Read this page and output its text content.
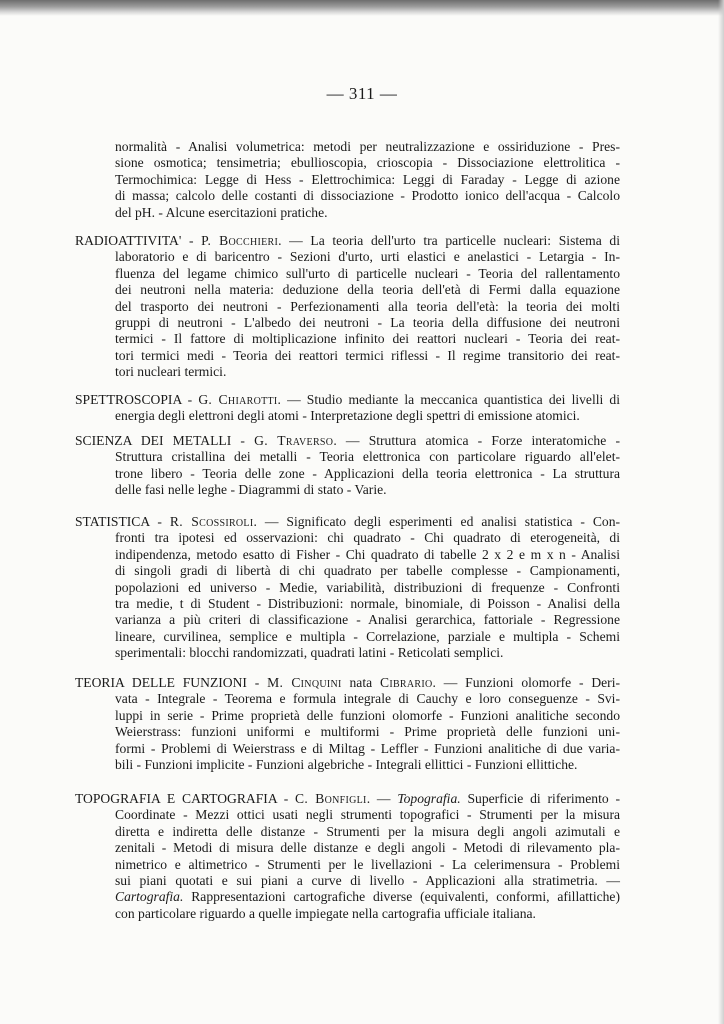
— 311 —
normalità - Analisi volumetrica: metodi per neutralizzazione e ossiriduzione - Pres-
sione osmotica; tensimetria; ebullioscopia, crioscopia - Dissociazione elettrolitica -
Termochimica: Legge di Hess - Elettrochimica: Leggi di Faraday - Legge di azione
di massa; calcolo delle costanti di dissociazione - Prodotto ionico dell'acqua - Calcolo
del pH. - Alcune esercitazioni pratiche.
RADIOATTIVITA' - P. Bocchieri. — La teoria dell'urto tra particelle nucleari: Sistema di
laboratorio e di baricentro - Sezioni d'urto, urti elastici e anelastici - Letargia - In-
fluenza del legame chimico sull'urto di particelle nucleari - Teoria del rallentamento
dei neutroni nella materia: deduzione della teoria dell'età di Fermi dalla equazione
del trasporto dei neutroni - Perfezionamenti alla teoria dell'età: la teoria dei molti
gruppi di neutroni - L'albedo dei neutroni - La teoria della diffusione dei neutroni
termici - Il fattore di moltiplicazione infinito dei reattori nucleari - Teoria dei reat-
tori termici medi - Teoria dei reattori termici riflessi - Il regime transitorio dei reat-
tori nucleari termici.
SPETTROSCOPIA - G. Chiarotti. — Studio mediante la meccanica quantistica dei livelli di
energia degli elettroni degli atomi - Interpretazione degli spettri di emissione atomici.
SCIENZA DEI METALLI - G. Traverso. — Struttura atomica - Forze interatomiche -
Struttura cristallina dei metalli - Teoria elettronica con particolare riguardo all'elet-
trone libero - Teoria delle zone - Applicazioni della teoria elettronica - La struttura
delle fasi nelle leghe - Diagrammi di stato - Varie.
STATISTICA - R. Scossiroli. — Significato degli esperimenti ed analisi statistica - Con-
fronti tra ipotesi ed osservazioni: chi quadrato - Chi quadrato di eterogeneità, di
indipendenza, metodo esatto di Fisher - Chi quadrato di tabelle 2 x 2 e m x n - Analisi
di singoli gradi di libertà di chi quadrato per tabelle complesse - Campionamenti,
popolazioni ed universo - Medie, variabilità, distribuzioni di frequenze - Confronti
tra medie, t di Student - Distribuzioni: normale, binomiale, di Poisson - Analisi della
varianza a più criteri di classificazione - Analisi gerarchica, fattoriale - Regressione
lineare, curvilinea, semplice e multipla - Correlazione, parziale e multipla - Schemi
sperimentali: blocchi randomizzati, quadrati latini - Reticolati semplici.
TEORIA DELLE FUNZIONI - M. Cinquini nata Cibrario. — Funzioni olomorfe - Deri-
vata - Integrale - Teorema e formula integrale di Cauchy e loro conseguenze - Svi-
luppi in serie - Prime proprietà delle funzioni olomorfe - Funzioni analitiche secondo
Weierstrass: funzioni uniformi e multiformi - Prime proprietà delle funzioni uni-
formi - Problemi di Weierstrass e di Miltag - Leffler - Funzioni analitiche di due varia-
bili - Funzioni implicite - Funzioni algebriche - Integrali ellittici - Funzioni ellittiche.
TOPOGRAFIA E CARTOGRAFIA - C. Bonfigli. — Topografia. Superficie di riferimento -
Coordinate - Mezzi ottici usati negli strumenti topografici - Strumenti per la misura
diretta e indiretta delle distanze - Strumenti per la misura degli angoli azimutali e
zenitali - Metodi di misura delle distanze e degli angoli - Metodi di rilevamento pla-
nimetrico e altimetrico - Strumenti per le livellazioni - La celerimensura - Problemi
sui piani quotati e sui piani a curve di livello - Applicazioni alla stratimetria. —
Cartografia. Rappresentazioni cartografiche diverse (equivalenti, conformi, afillattiche)
con particolare riguardo a quelle impiegate nella cartografia ufficiale italiana.
